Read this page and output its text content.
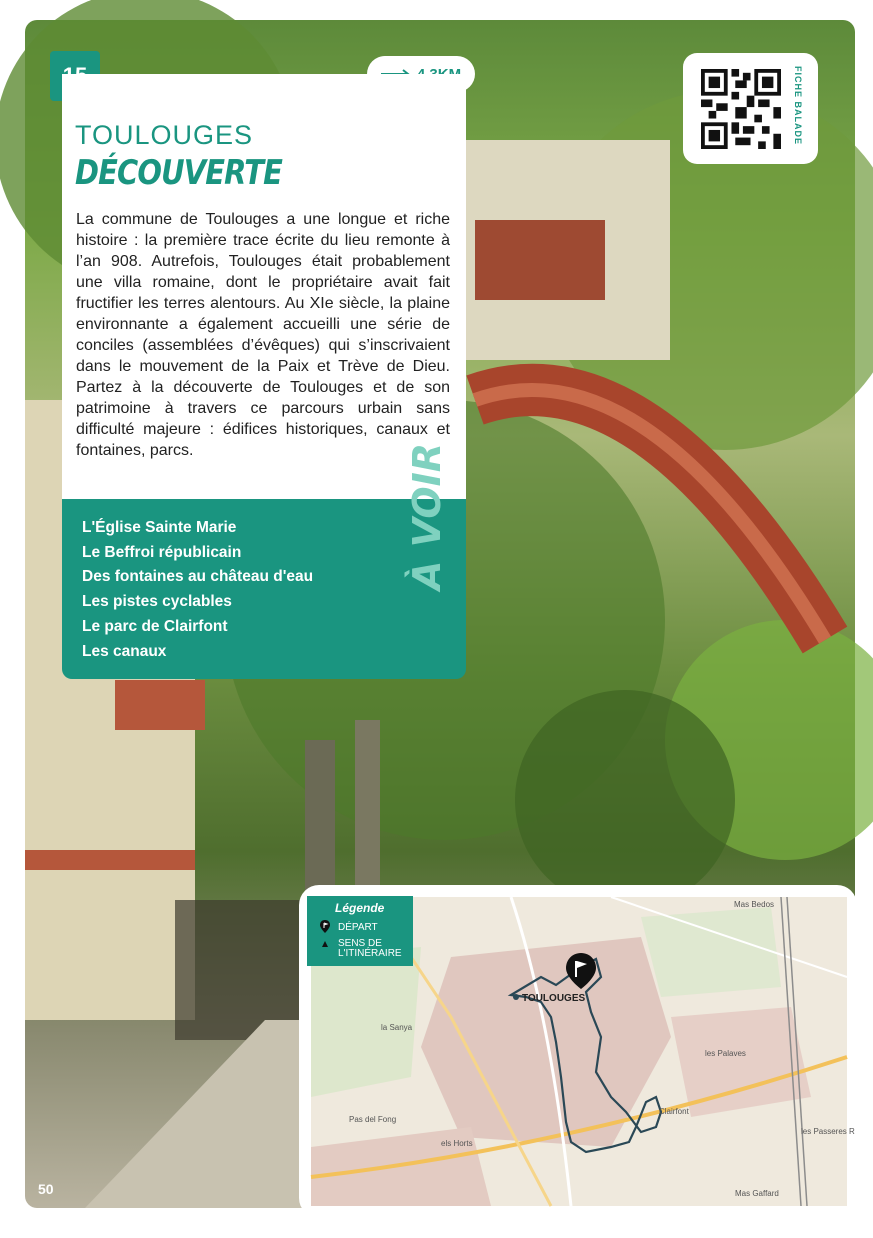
TOULOUGES
DÉCOUVERTE
La commune de Toulouges a une longue et riche histoire : la première trace écrite du lieu remonte à l’an 908. Autrefois, Toulouges était probablement une villa romaine, dont le propriétaire avait fait fructifier les terres alentours. Au XIe siècle, la plaine environnante a également accueilli une série de conciles (assemblées d’évêques) qui s’inscrivaient dans le mouvement de la Paix et Trève de Dieu. Partez à la découverte de Toulouges et de son patrimoine à travers ce parcours urbain sans difficulté majeure : édifices historiques, canaux et fontaines, parcs.
L'Église Sainte Marie
Le Beffroi républicain
Des fontaines au château d'eau
Les pistes cyclables
Le parc de Clairfont
Les canaux
À VOIR
FICHE BALADE
Mas Bedos
TOULOUGES
la Sanya
les Palaves
Clairfont
Pas del Fong
els Horts
les Passeres R
Mas Gaffard
Légende
DÉPART
SENS DE
L'ITINÉRAIRE
50
